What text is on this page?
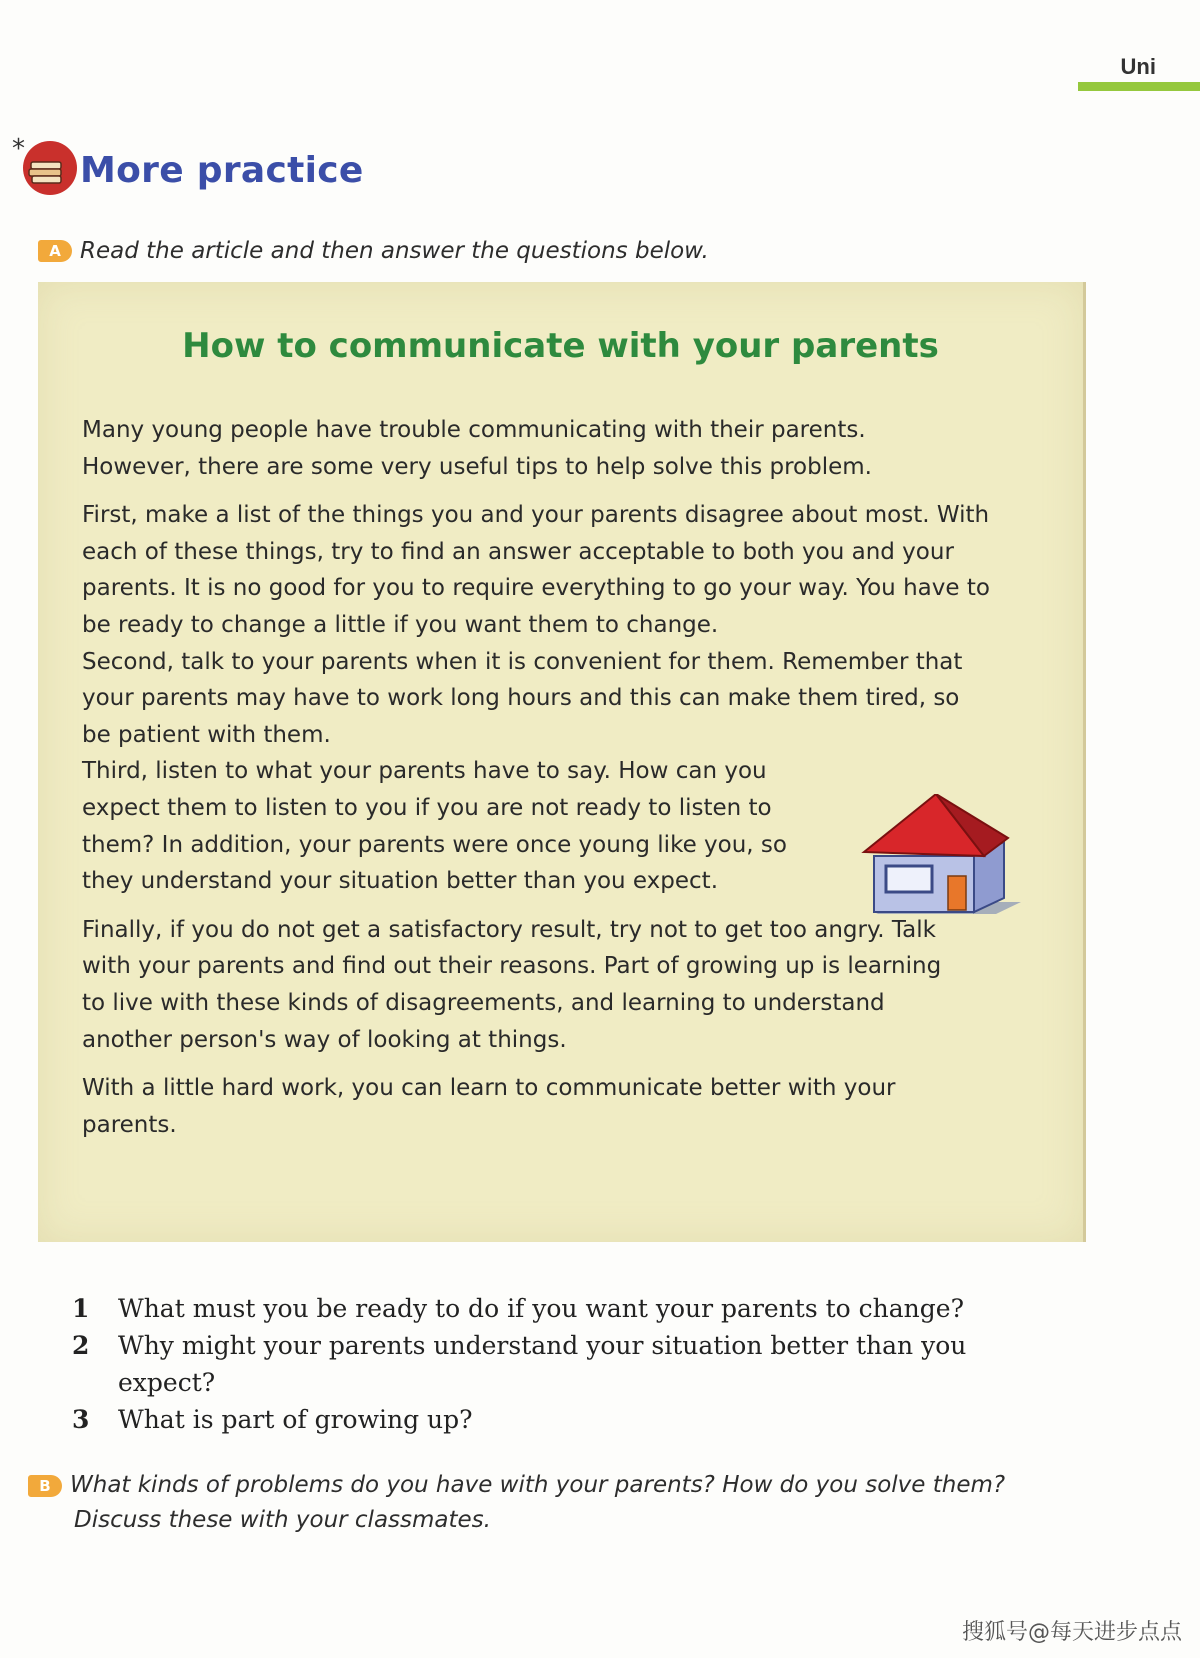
Uni
*
More practice
A Read the article and then answer the questions below.
How to communicate with your parents

Many young people have trouble communicating with their parents. However, there are some very useful tips to help solve this problem.

First, make a list of the things you and your parents disagree about most. With each of these things, try to find an answer acceptable to both you and your parents. It is no good for you to require everything to go your way. You have to be ready to change a little if you want them to change.

Second, talk to your parents when it is convenient for them. Remember that your parents may have to work long hours and this can make them tired, so be patient with them.

Third, listen to what your parents have to say. How can you expect them to listen to you if you are not ready to listen to them? In addition, your parents were once young like you, so they understand your situation better than you expect.

Finally, if you do not get a satisfactory result, try not to get too angry. Talk with your parents and find out their reasons. Part of growing up is learning to live with these kinds of disagreements, and learning to understand another person's way of looking at things.

With a little hard work, you can learn to communicate better with your parents.

1	What must you be ready to do if you want your parents to change?
2	Why might your parents understand your situation better than you expect?
3	What is part of growing up?
B What kinds of problems do you have with your parents? How do you solve them?
Discuss these with your classmates.
搜狐号@每天进步点点
